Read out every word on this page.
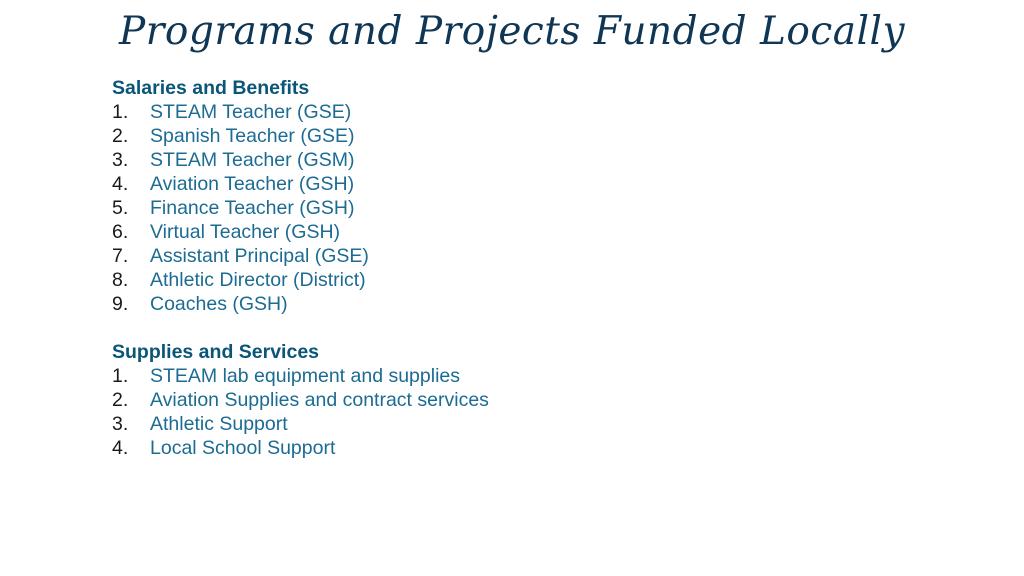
Programs and Projects Funded Locally
Salaries and Benefits
1. STEAM Teacher (GSE)
2. Spanish Teacher (GSE)
3. STEAM Teacher (GSM)
4. Aviation Teacher (GSH)
5. Finance Teacher (GSH)
6. Virtual Teacher (GSH)
7. Assistant Principal (GSE)
8. Athletic Director (District)
9. Coaches (GSH)
Supplies and Services
1. STEAM lab equipment and supplies
2. Aviation Supplies and contract services
3. Athletic Support
4. Local School Support
